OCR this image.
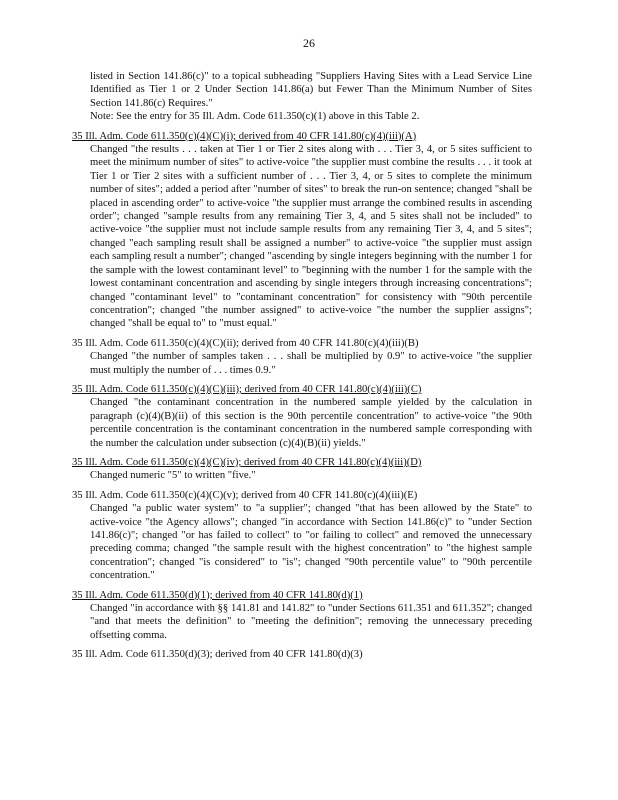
26
listed in Section 141.86(c)" to a topical subheading "Suppliers Having Sites with a Lead Service Line Identified as Tier 1 or 2 Under Section 141.86(a) but Fewer Than the Minimum Number of Sites Section 141.86(c) Requires."
Note: See the entry for 35 Ill. Adm. Code 611.350(c)(1) above in this Table 2.
35 Ill. Adm. Code 611.350(c)(4)(C)(i); derived from 40 CFR 141.80(c)(4)(iii)(A)
Changed "the results . . . taken at Tier 1 or Tier 2 sites along with . . . Tier 3, 4, or 5 sites sufficient to meet the minimum number of sites" to active-voice "the supplier must combine the results . . . it took at Tier 1 or Tier 2 sites with a sufficient number of . . . Tier 3, 4, or 5 sites to complete the minimum number of sites"; added a period after "number of sites" to break the run-on sentence; changed "shall be placed in ascending order" to active-voice "the supplier must arrange the combined results in ascending order"; changed "sample results from any remaining Tier 3, 4, and 5 sites shall not be included" to active-voice "the supplier must not include sample results from any remaining Tier 3, 4, and 5 sites"; changed "each sampling result shall be assigned a number" to active-voice "the supplier must assign each sampling result a number"; changed "ascending by single integers beginning with the number 1 for the sample with the lowest contaminant level" to "beginning with the number 1 for the sample with the lowest contaminant concentration and ascending by single integers through increasing concentrations"; changed "contaminant level" to "contaminant concentration" for consistency with "90th percentile concentration"; changed "the number assigned" to active-voice "the number the supplier assigns"; changed "shall be equal to" to "must equal."
35 Ill. Adm. Code 611.350(c)(4)(C)(ii); derived from 40 CFR 141.80(c)(4)(iii)(B)
Changed "the number of samples taken . . . shall be multiplied by 0.9" to active-voice "the supplier must multiply the number of . . . times 0.9."
35 Ill. Adm. Code 611.350(c)(4)(C)(iii); derived from 40 CFR 141.80(c)(4)(iii)(C)
Changed "the contaminant concentration in the numbered sample yielded by the calculation in paragraph (c)(4)(B)(ii) of this section is the 90th percentile concentration" to active-voice "the 90th percentile concentration is the contaminant concentration in the numbered sample corresponding with the number the calculation under subsection (c)(4)(B)(ii) yields."
35 Ill. Adm. Code 611.350(c)(4)(C)(iv); derived from 40 CFR 141.80(c)(4)(iii)(D)
Changed numeric "5" to written "five."
35 Ill. Adm. Code 611.350(c)(4)(C)(v); derived from 40 CFR 141.80(c)(4)(iii)(E)
Changed "a public water system" to "a supplier"; changed "that has been allowed by the State" to active-voice "the Agency allows"; changed "in accordance with Section 141.86(c)" to "under Section 141.86(c)"; changed "or has failed to collect" to "or failing to collect" and removed the unnecessary preceding comma; changed "the sample result with the highest concentration" to "the highest sample concentration"; changed "is considered" to "is"; changed "90th percentile value" to "90th percentile concentration."
35 Ill. Adm. Code 611.350(d)(1); derived from 40 CFR 141.80(d)(1)
Changed "in accordance with §§ 141.81 and 141.82" to "under Sections 611.351 and 611.352"; changed "and that meets the definition" to "meeting the definition"; removing the unnecessary preceding offsetting comma.
35 Ill. Adm. Code 611.350(d)(3); derived from 40 CFR 141.80(d)(3)
